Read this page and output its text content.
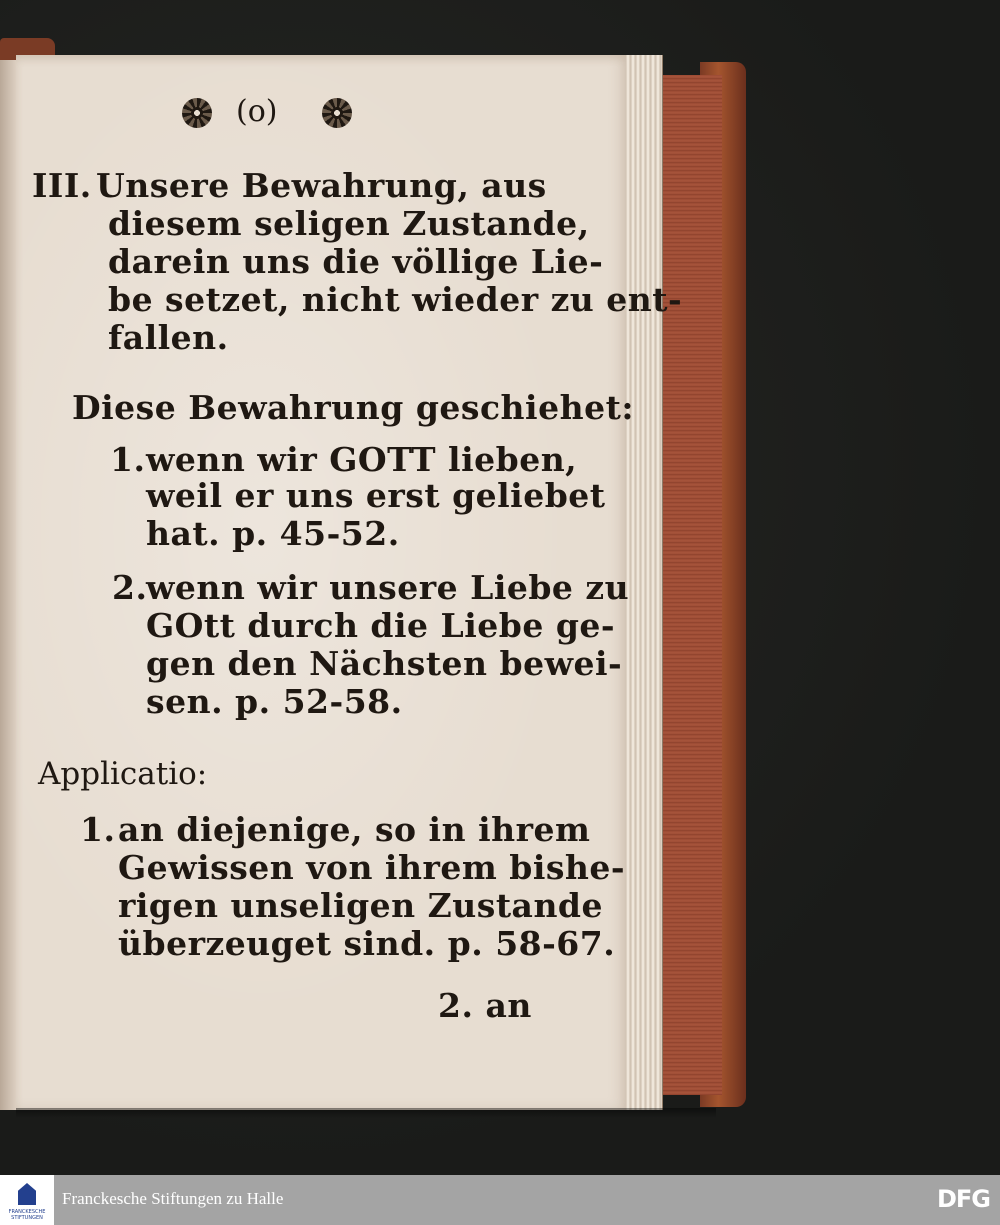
(o)
III. Unsere Bewahrung, aus
diesem seligen Zustande,
darein uns die völlige Lie-
be setzet, nicht wieder zu ent-
fallen.
Diese Bewahrung geschiehet:
1. wenn wir GOTT lieben,
weil er uns erst geliebet
hat. p. 45-52.
2.
wenn wir unsere Liebe zu
GOtt durch die Liebe ge-
gen den Nächsten bewei-
sen. p. 52-58.
Applicatio:
1. an diejenige, so in ihrem
Gewissen von ihrem bishe-
rigen unseligen Zustande
überzeuget sind. p. 58-67.
2. an
FRANCKESCHE STIFTUNGEN
Franckesche Stiftungen zu Halle	DFG
